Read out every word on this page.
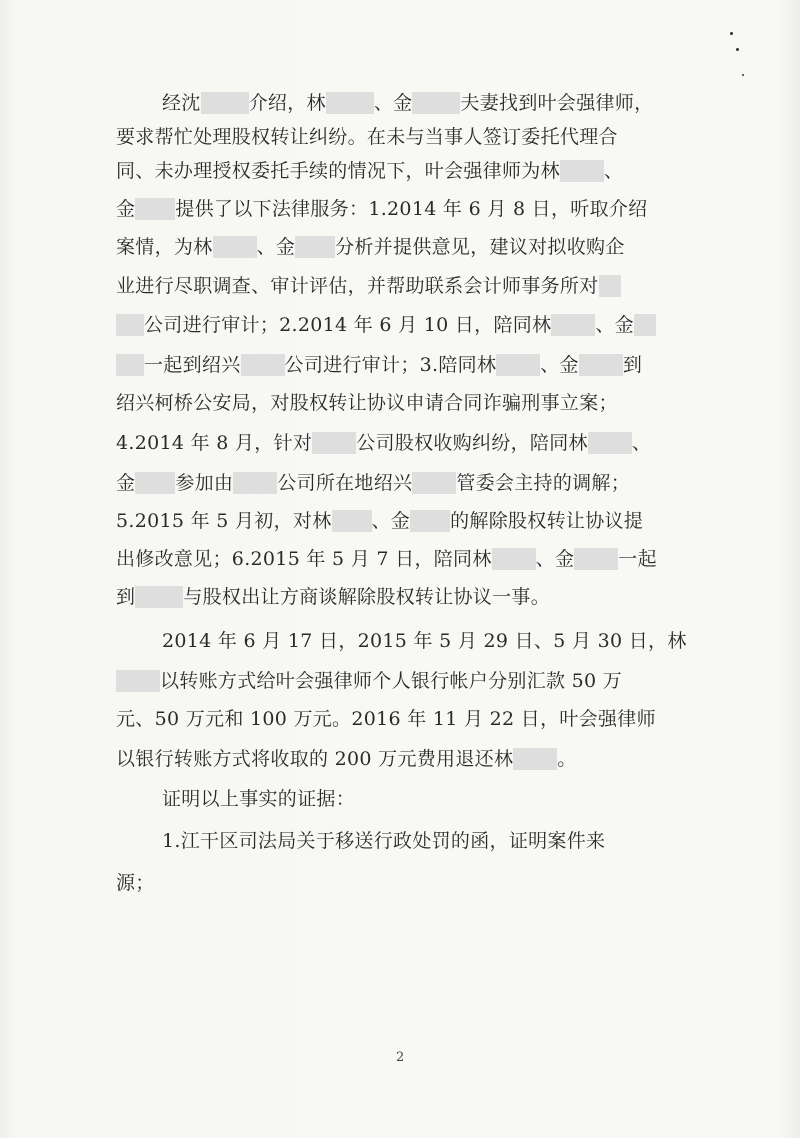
经沈	介绍，林	、金	夫妻找到叶会强律师，
要求帮忙处理股权转让纠纷。在未与当事人签订委托代理合
同、未办理授权委托手续的情况下，叶会强律师为林 、
金 提供了以下法律服务：1.2014 年 6 月 8 日，听取介绍
案情，为林 、金 分析并提供意见，建议对拟收购企
业进行尽职调查、审计评估，并帮助联系会计师事务所对
公司进行审计；2.2014 年 6 月 10 日，陪同林 、金
一起到绍兴 公司进行审计；3.陪同林 、金 到
绍兴柯桥公安局，对股权转让协议申请合同诈骗刑事立案；
4.2014 年 8 月，针对 公司股权收购纠纷，陪同林 、
金 参加由 公司所在地绍兴 管委会主持的调解；
5.2015 年 5 月初，对林 、金 的解除股权转让协议提
出修改意见；6.2015 年 5 月 7 日，陪同林 、金 一起
到	与股权出让方商谈解除股权转让协议一事。
2014 年 6 月 17 日，2015 年 5 月 29 日、5 月 30 日，林
以转账方式给叶会强律师个人银行帐户分别汇款 50 万
元、50 万元和 100 万元。2016 年 11 月 22 日，叶会强律师
以银行转账方式将收取的 200 万元费用退还林 。
证明以上事实的证据：
1.江干区司法局关于移送行政处罚的函，证明案件来
源；
2
